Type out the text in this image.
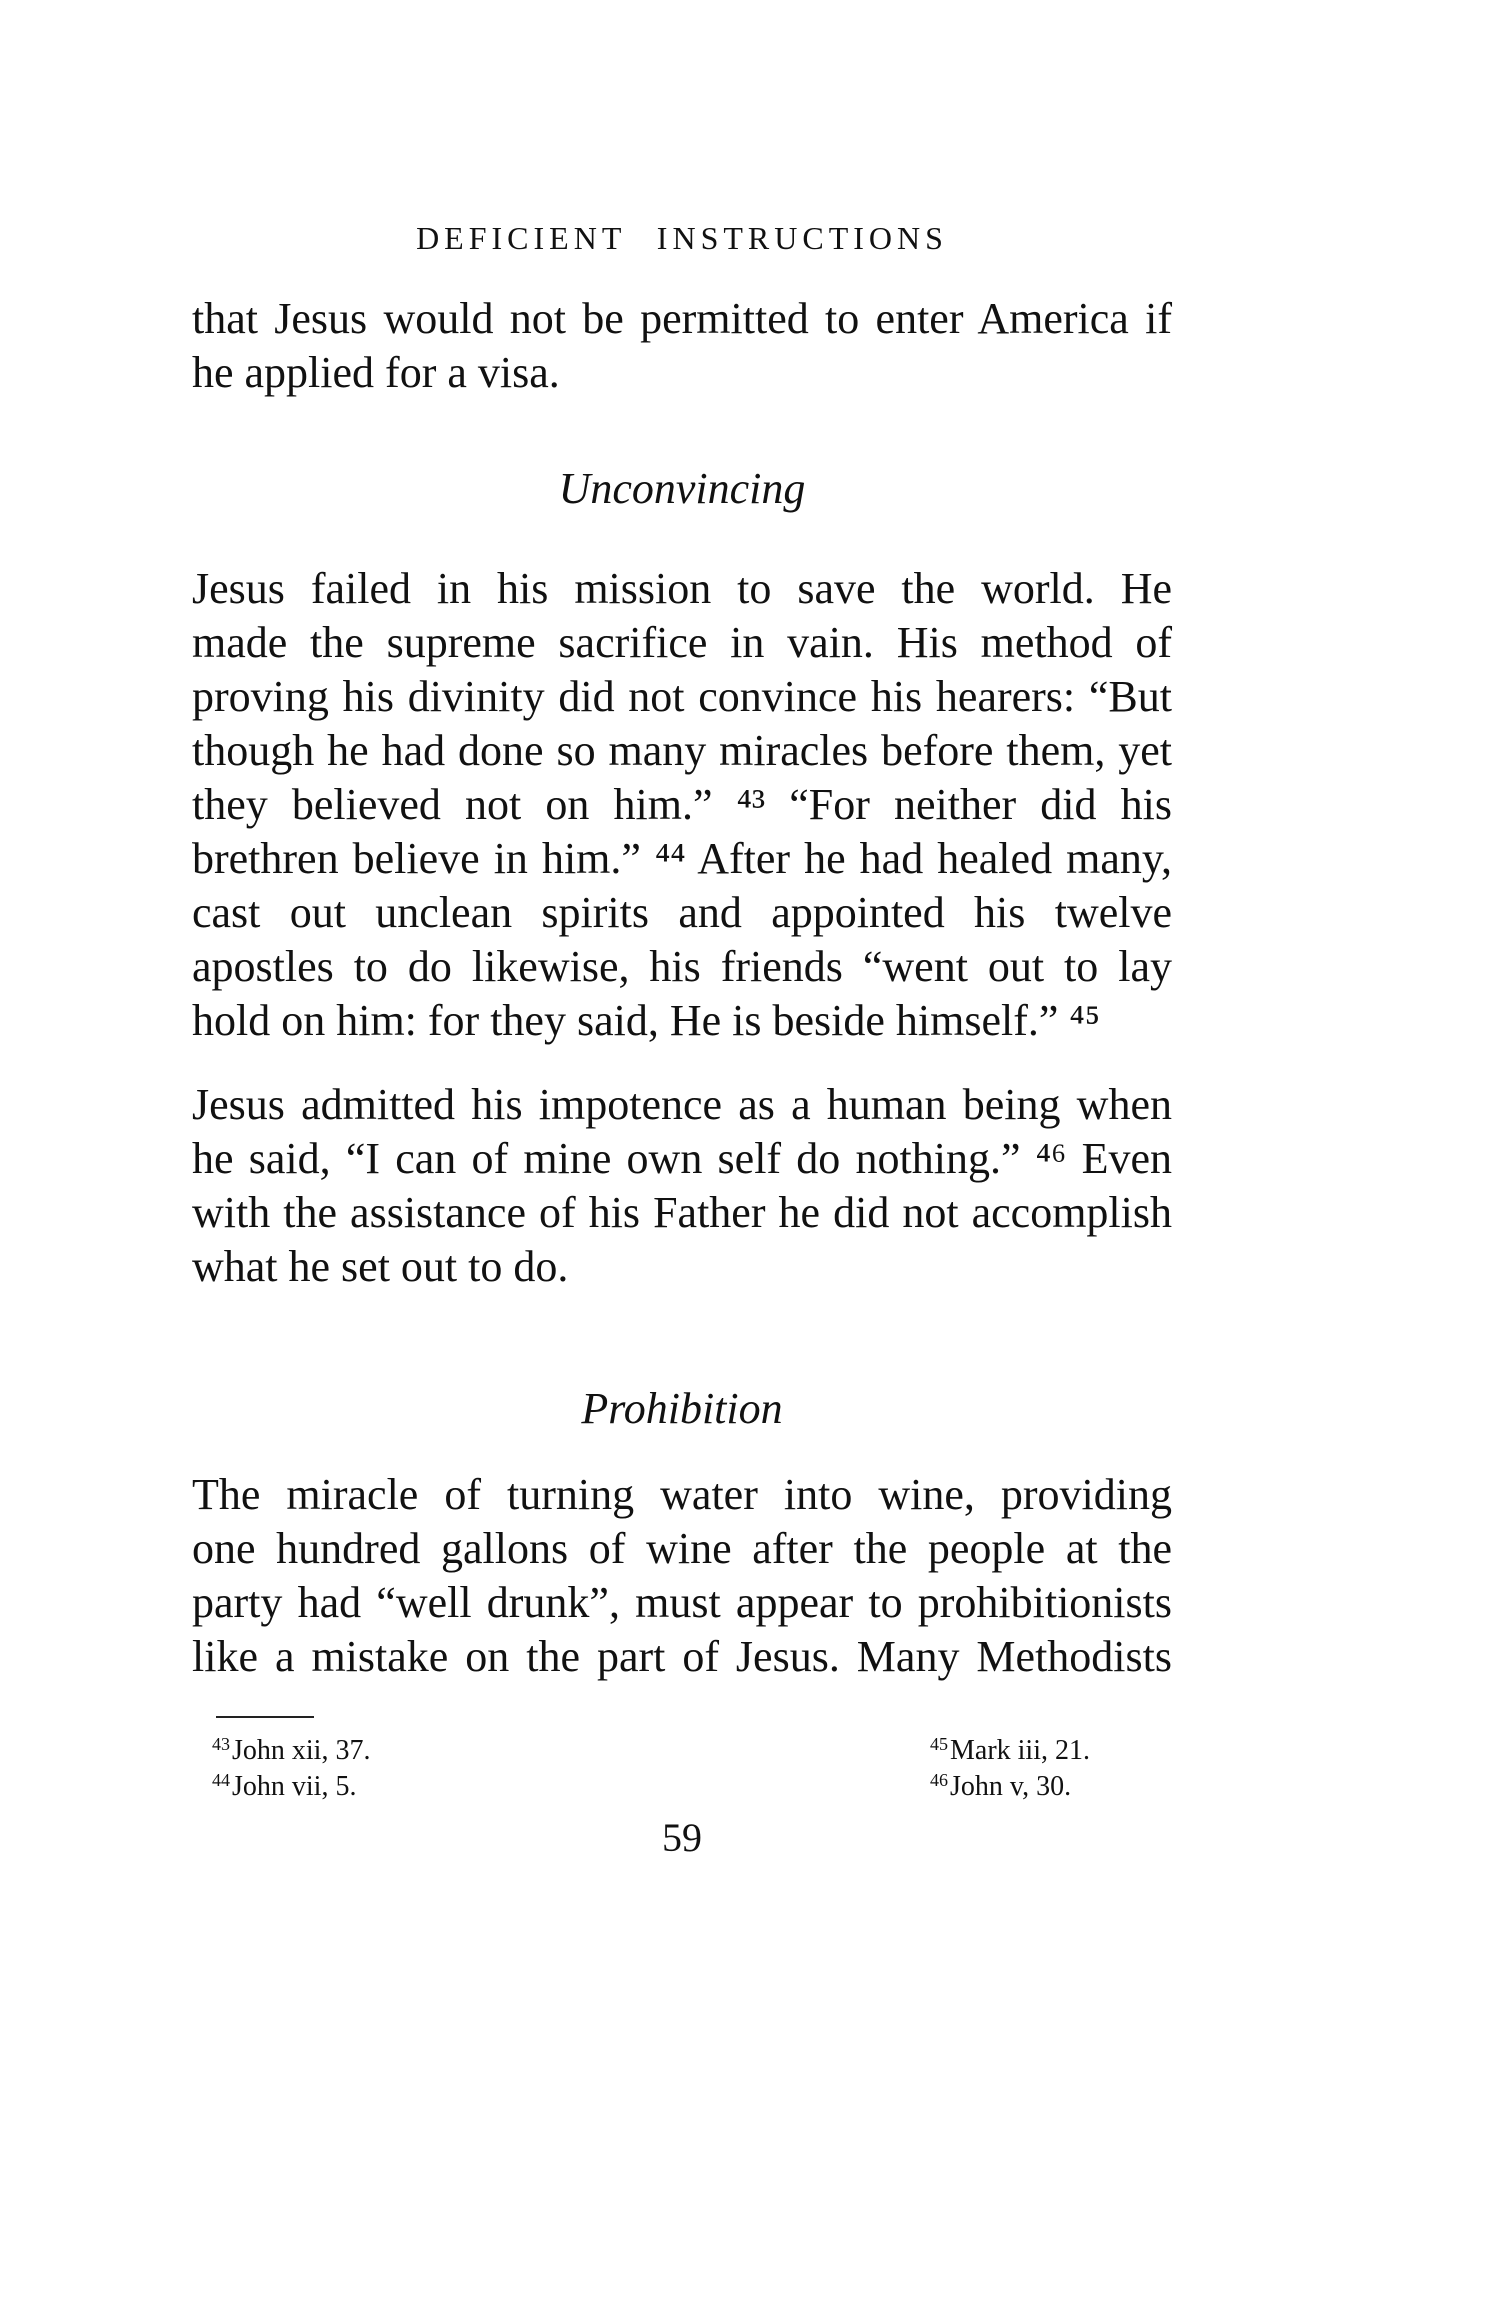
DEFICIENT INSTRUCTIONS
that Jesus would not be permitted to enter America if
he applied for a visa.
Unconvincing
Jesus failed in his mission to save the world. He
made the supreme sacrifice in vain. His method of
proving his divinity did not convince his hearers: “But
though he had done so many miracles before them, yet
they believed not on him.” ⁴³ “For neither did his
brethren believe in him.” ⁴⁴ After he had healed many,
cast out unclean spirits and appointed his twelve
apostles to do likewise, his friends “went out to lay
hold on him: for they said, He is beside himself.” ⁴⁵
Jesus admitted his impotence as a human being when
he said, “I can of mine own self do nothing.” ⁴⁶ Even
with the assistance of his Father he did not accomplish
what he set out to do.
Prohibition
The miracle of turning water into wine, providing
one hundred gallons of wine after the people at the
party had “well drunk”, must appear to prohibitionists
like a mistake on the part of Jesus. Many Methodists
$^{43}$John xii, 37.
$^{44}$John vii, 5.
$^{45}$Mark iii, 21.
$^{46}$John v, 30.
59
